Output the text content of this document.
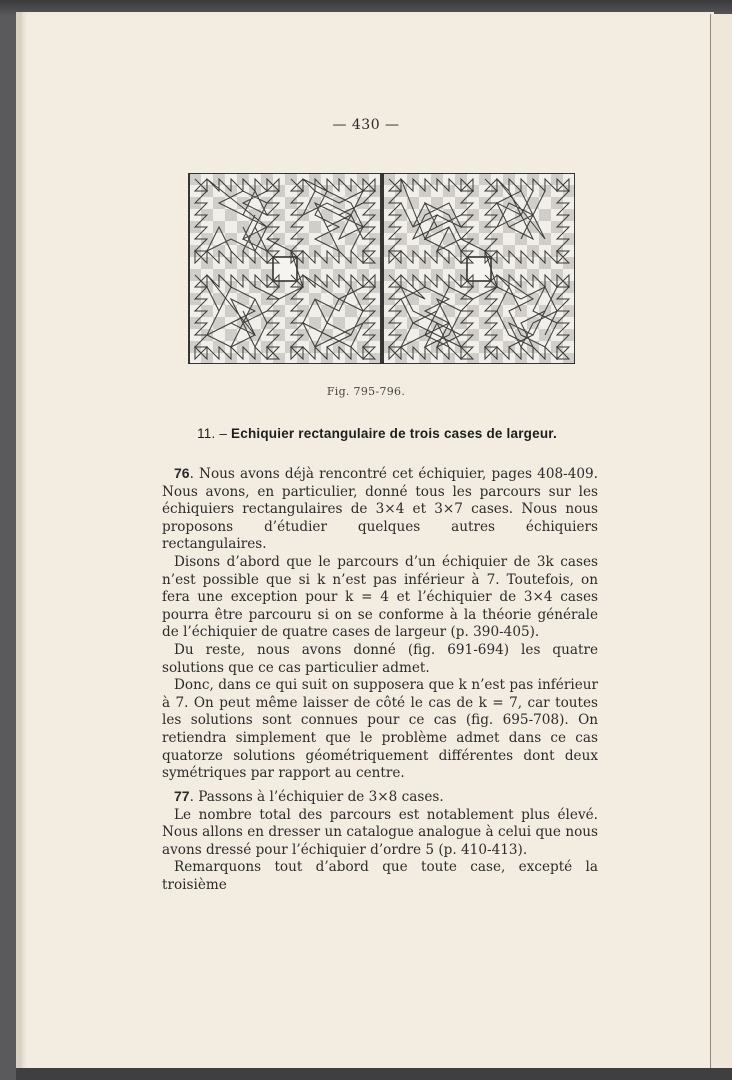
— 430 —
Fig. 795-796.
11. – Echiquier rectangulaire de trois cases de largeur.

76. Nous avons déjà rencontré cet échiquier, pages 408-409. Nous avons, en particulier, donné tous les parcours sur les échiquiers rectangulaires de 3×4 et 3×7 cases. Nous nous proposons d’étudier quelques autres échiquiers rectangulaires.

Disons d’abord que le parcours d’un échiquier de 3k cases n’est possible que si k n’est pas inférieur à 7. Toutefois, on fera une exception pour k = 4 et l’échiquier de 3×4 cases pourra être parcouru si on se conforme à la théorie générale de l’échiquier de quatre cases de largeur (p. 390-405).

Du reste, nous avons donné (fig. 691-694) les quatre solutions que ce cas particulier admet.

Donc, dans ce qui suit on supposera que k n’est pas inférieur à 7. On peut même laisser de côté le cas de k = 7, car toutes les solutions sont connues pour ce cas (fig. 695-708). On retiendra simplement que le problème admet dans ce cas quatorze solutions géométriquement différentes dont deux symétriques par rapport au centre.

77. Passons à l’échiquier de 3×8 cases.

Le nombre total des parcours est notablement plus élevé. Nous allons en dresser un catalogue analogue à celui que nous avons dressé pour l’échiquier d’ordre 5 (p. 410-413).

Remarquons tout d’abord que toute case, excepté la troisième
